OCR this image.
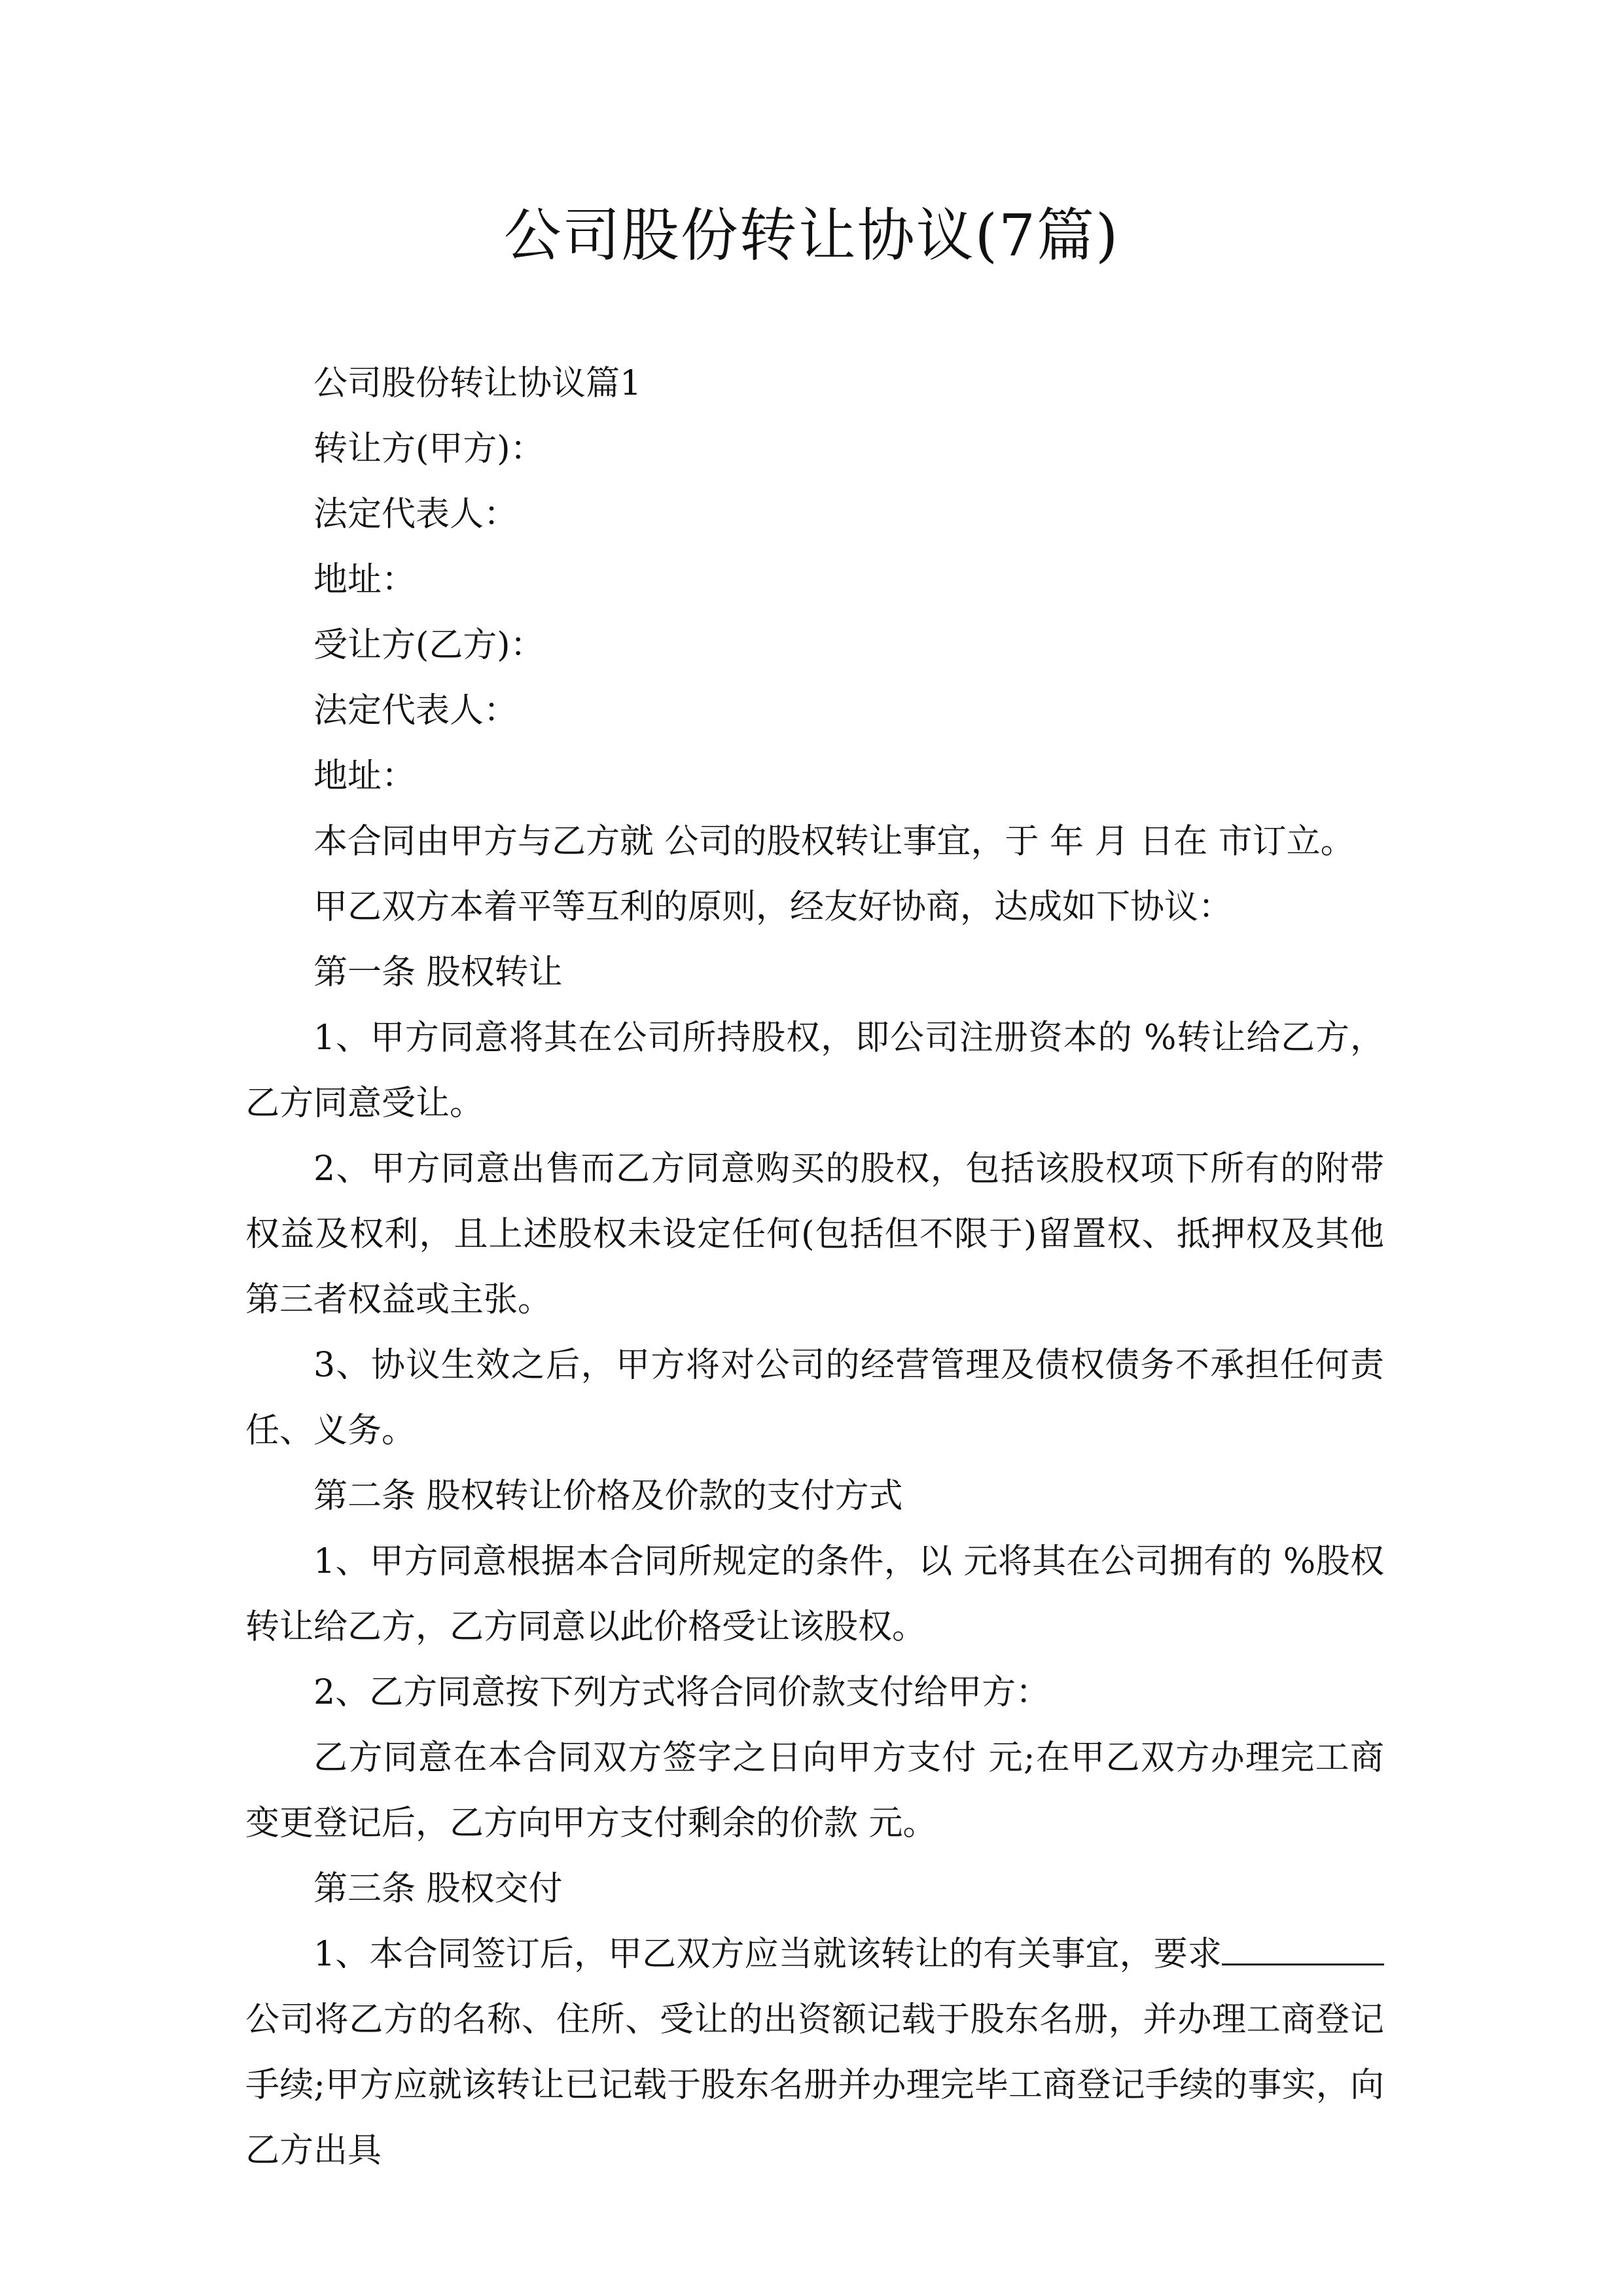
公司股份转让协议(7篇)

公司股份转让协议篇1

转让方(甲方)：

法定代表人：

地址：

受让方(乙方)：

法定代表人：

地址：

本合同由甲方与乙方就 公司的股权转让事宜，于 年 月 日在 市订立。

甲乙双方本着平等互利的原则，经友好协商，达成如下协议：

第一条 股权转让

1、甲方同意将其在公司所持股权，即公司注册资本的 %转让给乙方，乙方同意受让。

2、甲方同意出售而乙方同意购买的股权，包括该股权项下所有的附带权益及权利，且上述股权未设定任何(包括但不限于)留置权、抵押权及其他第三者权益或主张。

3、协议生效之后，甲方将对公司的经营管理及债权债务不承担任何责任、义务。

第二条 股权转让价格及价款的支付方式

1、甲方同意根据本合同所规定的条件，以 元将其在公司拥有的 %股权转让给乙方，乙方同意以此价格受让该股权。

2、乙方同意按下列方式将合同价款支付给甲方：

乙方同意在本合同双方签字之日向甲方支付 元;在甲乙双方办理完工商变更登记后，乙方向甲方支付剩余的价款 元。

第三条 股权交付

1、本合同签订后，甲乙双方应当就该转让的有关事宜，要求公司将乙方的名称、住所、受让的出资额记载于股东名册，并办理工商登记手续;甲方应就该转让已记载于股东名册并办理完毕工商登记手续的事实，向乙方出具
